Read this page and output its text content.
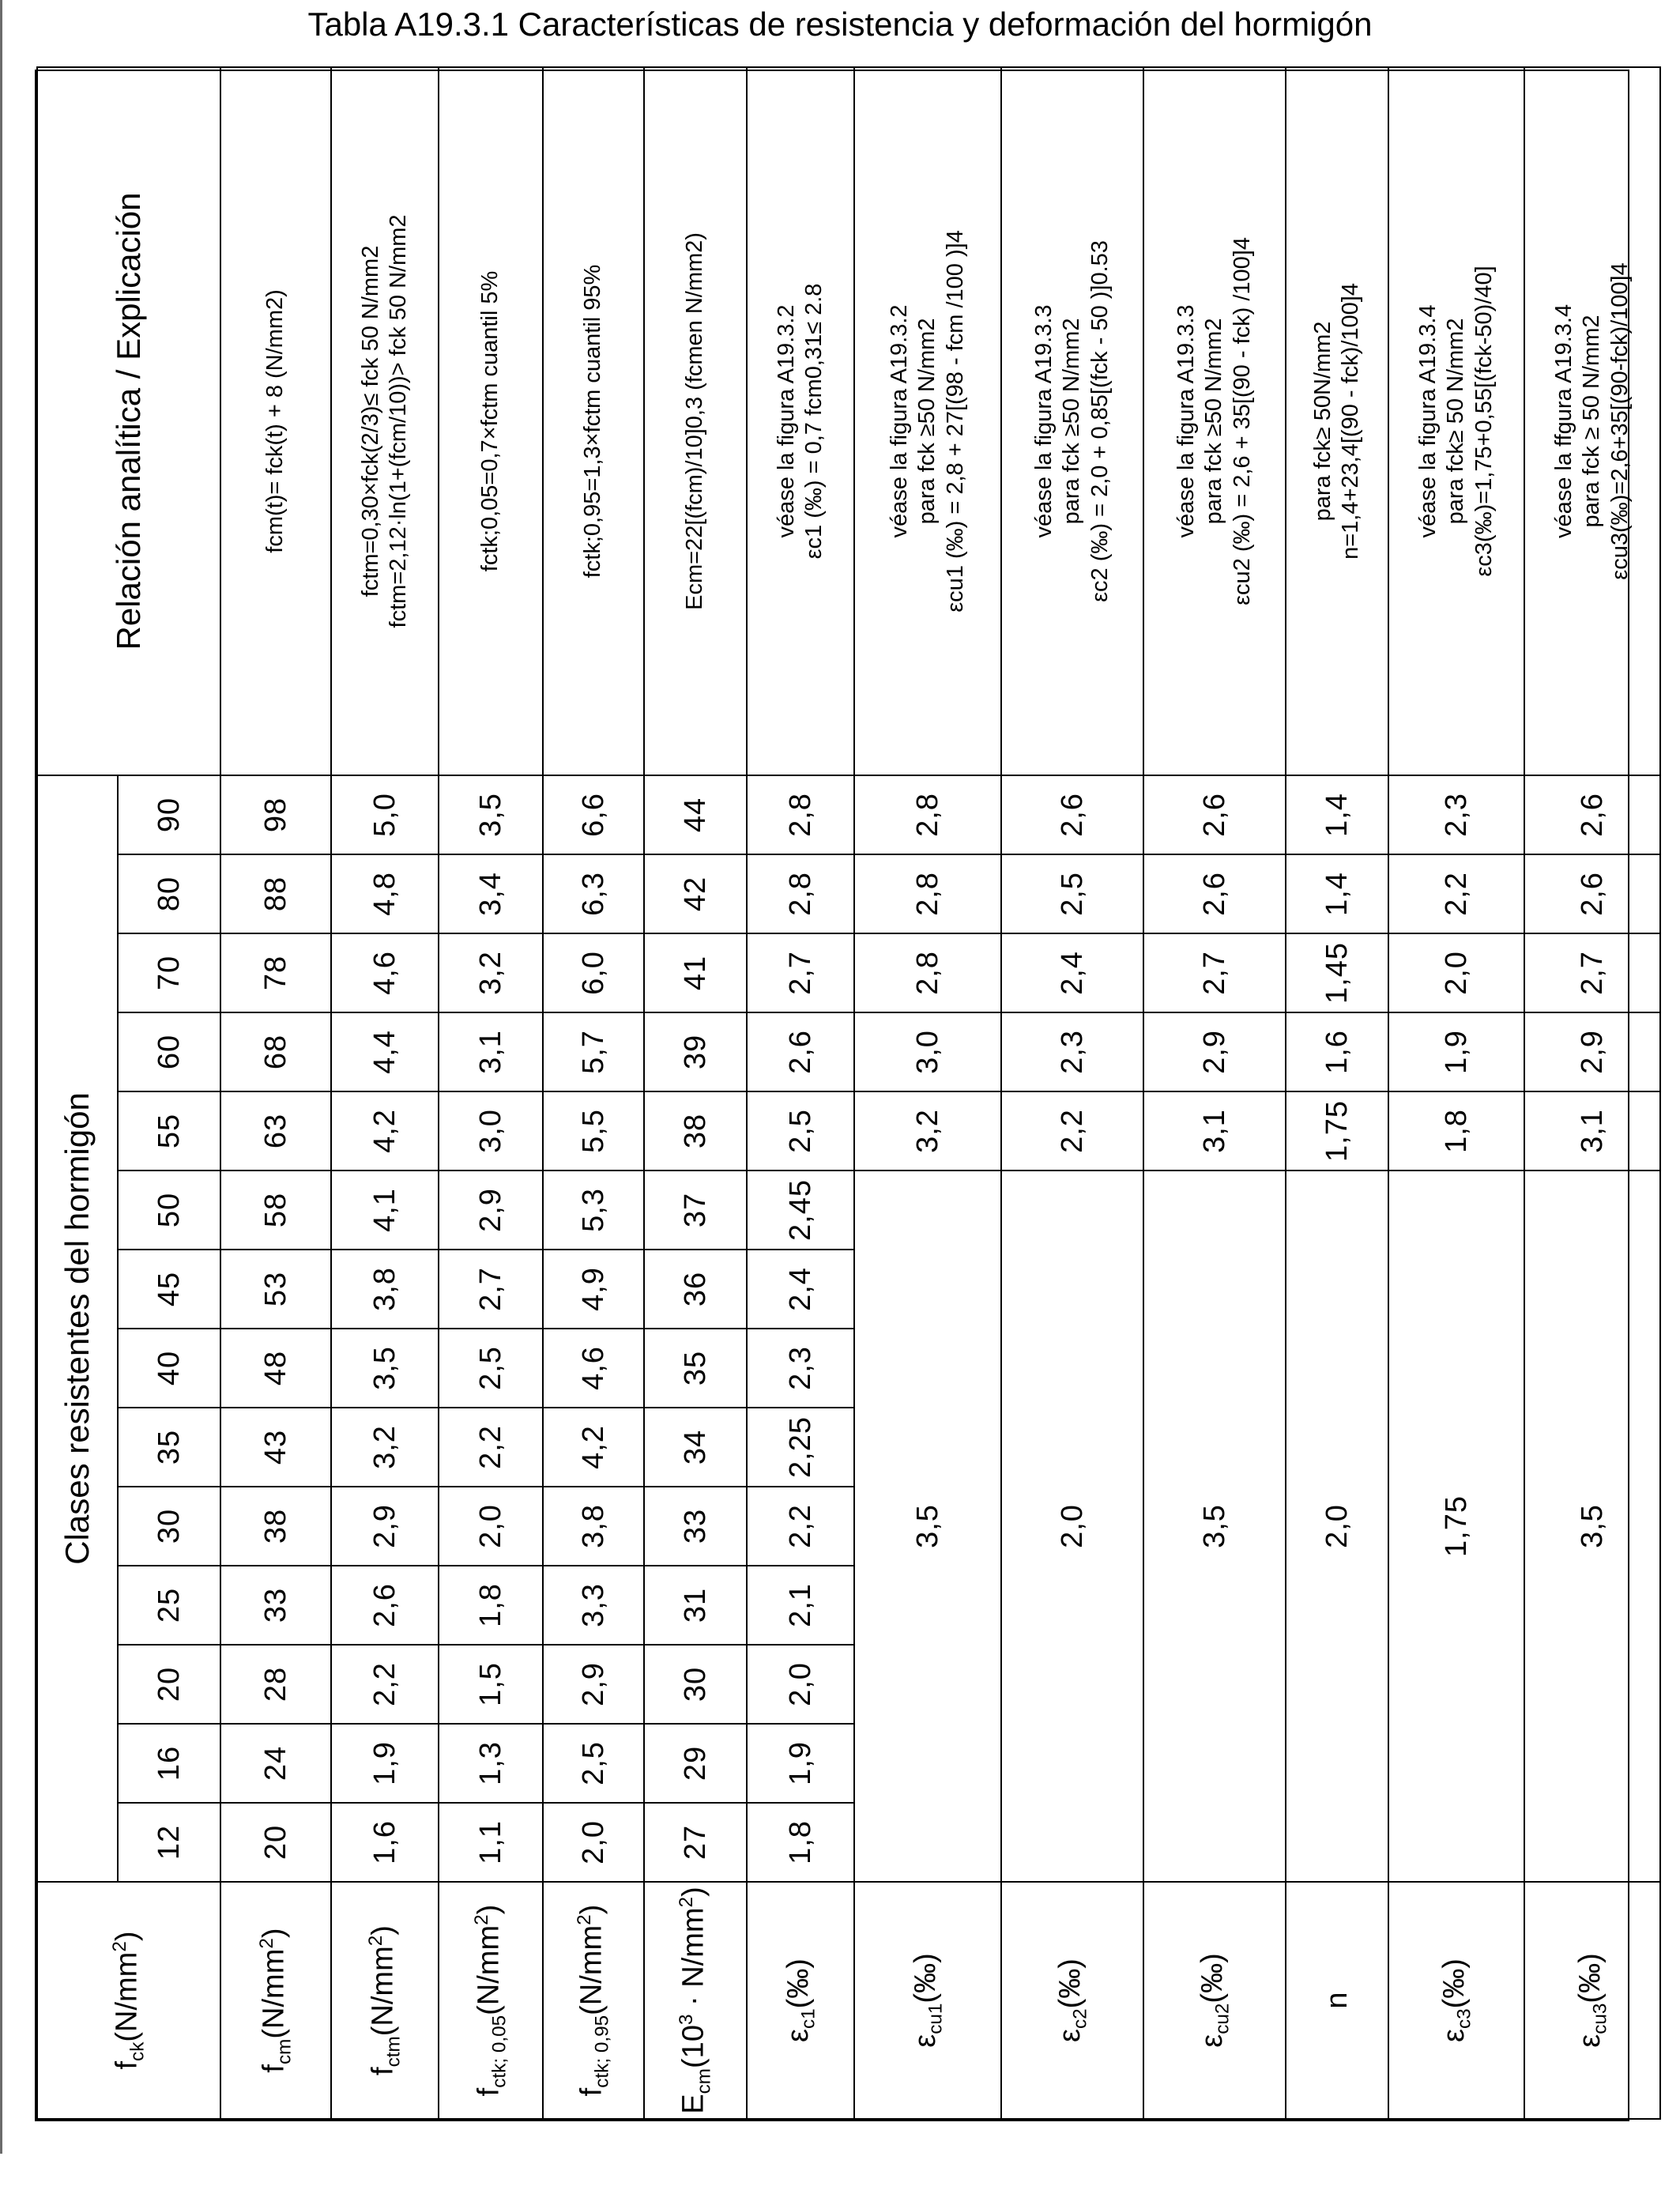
Tabla A19.3.1 Características de resistencia y deformación del hormigón
$f_{ck}(N/mm^2)$	Clases resistentes del hormigón														Relación analítica / Explicación
	12	16	20	25	30	35	40	45	50	55	60	70	80	90	
$f_{cm}(N/mm^2)$	20	24	28	33	38	43	48	53	58	63	68	78	88	98	fcm(t)= fck(t) + 8 (N/mm2)

$f_{ctm}(N/mm^2)$	1,6	1,9	2,2	2,6	2,9	3,2	3,5	3,8	4,1	4,2	4,4	4,6	4,8	5,0	fctm=0,30×fck(2/3)≤ fck 50 N/mm2 fctm=2,12·ln(1+(fcm/10))> fck 50 N/mm2

$f_{ctk; 0,05}(N/mm^2)$	1,1	1,3	1,5	1,8	2,0	2,2	2,5	2,7	2,9	3,0	3,1	3,2	3,4	3,5	fctk;0,05=0,7×fctm cuantil 5%

$f_{ctk; 0,95}(N/mm^2)$	2,0	2,5	2,9	3,3	3,8	4,2	4,6	4,9	5,3	5,5	5,7	6,0	6,3	6,6	fctk;0,95=1,3×fctm cuantil 95%

$E_{cm}(10^3 \cdot N/mm^2)$	27	29	30	31	33	34	35	36	37	38	39	41	42	44	Ecm=22[(fcm)/10]0,3 (fcmen N/mm2)

$\varepsilon_{c1}(‰)$	1,8	1,9	2,0	2,1	2,2	2,25	2,3	2,4	2,45	2,5	2,6	2,7	2,8	2,8	véase la figura A19.3.2 εc1 (‰) = 0,7 fcm0,31≤ 2.8

$\varepsilon_{cu1}(‰)$	3,5									3,2	3,0	2,8	2,8	2,8	véase la figura A19.3.2 para fck ≥50 N/mm2 εcu1 (‰) = 2,8 + 27[(98 - fcm /100 )]4

$\varepsilon_{c2}(‰)$	2,0									2,2	2,3	2,4	2,5	2,6	véase la figura A19.3.3 para fck ≥50 N/mm2 εc2 (‰) = 2,0 + 0,85[(fck - 50 )]0.53

$\varepsilon_{cu2}(‰)$	3,5									3,1	2,9	2,7	2,6	2,6	véase la figura A19.3.3 para fck ≥50 N/mm2 εcu2 (‰) = 2,6 + 35[(90 - fck) /100]4

n	2,0									1,75	1,6	1,45	1,4	1,4	para fck≥ 50N/mm2 n=1,4+23,4[(90 - fck)/100]4

$\varepsilon_{c3}(‰)$	1,75									1,8	1,9	2,0	2,2	2,3	véase la figura A19.3.4 para fck≥ 50 N/mm2 εc3(‰)=1,75+0,55[(fck-50)/40]

$\varepsilon_{cu3}(‰)$	3,5									3,1	2,9	2,7	2,6	2,6	véase la ffgura A19.3.4 para fck ≥ 50 N/mm2 εcu3(‰)=2,6+35[(90-fck)/100]4
